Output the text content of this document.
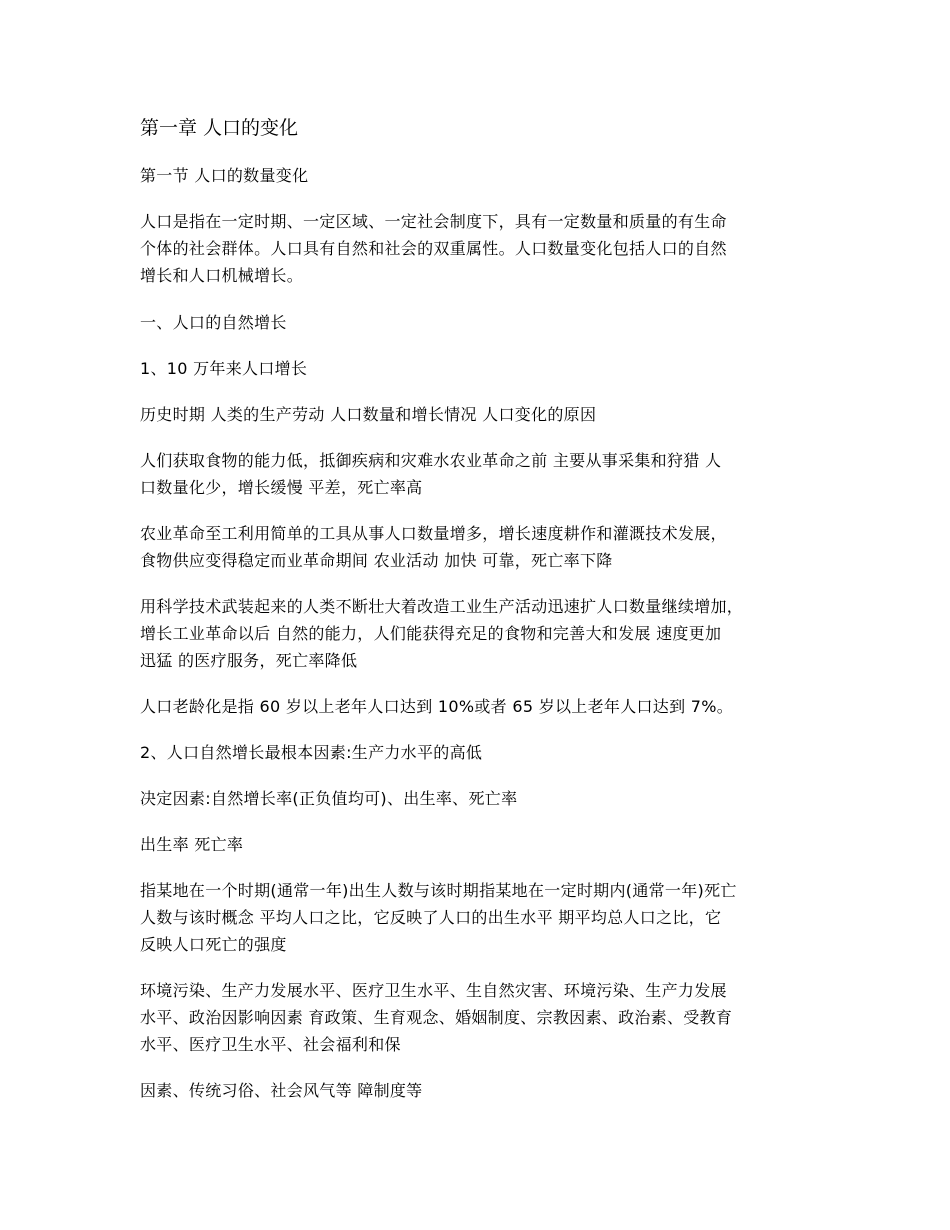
第一章 人口的变化
第一节 人口的数量变化
人口是指在一定时期、一定区域、一定社会制度下，具有一定数量和质量的有生命
个体的社会群体。人口具有自然和社会的双重属性。人口数量变化包括人口的自然
增长和人口机械增长。
一、人口的自然增长
1、10 万年来人口增长
历史时期 人类的生产劳动 人口数量和增长情况 人口变化的原因
人们获取食物的能力低，抵御疾病和灾难水农业革命之前 主要从事采集和狩猎 人
口数量化少，增长缓慢 平差，死亡率高
农业革命至工利用简单的工具从事人口数量增多，增长速度耕作和灌溉技术发展，
食物供应变得稳定而业革命期间 农业活动 加快 可靠，死亡率下降
用科学技术武装起来的人类不断壮大着改造工业生产活动迅速扩人口数量继续增加，
增长工业革命以后 自然的能力，人们能获得充足的食物和完善大和发展 速度更加
迅猛 的医疗服务，死亡率降低
人口老龄化是指 60 岁以上老年人口达到 10%或者 65 岁以上老年人口达到 7%。
2、人口自然增长最根本因素:生产力水平的高低
决定因素:自然增长率(正负值均可)、出生率、死亡率
出生率 死亡率
指某地在一个时期(通常一年)出生人数与该时期指某地在一定时期内(通常一年)死亡
人数与该时概念 平均人口之比，它反映了人口的出生水平 期平均总人口之比，它
反映人口死亡的强度
环境污染、生产力发展水平、医疗卫生水平、生自然灾害、环境污染、生产力发展
水平、政治因影响因素 育政策、生育观念、婚姻制度、宗教因素、政治素、受教育
水平、医疗卫生水平、社会福利和保
因素、传统习俗、社会风气等 障制度等
